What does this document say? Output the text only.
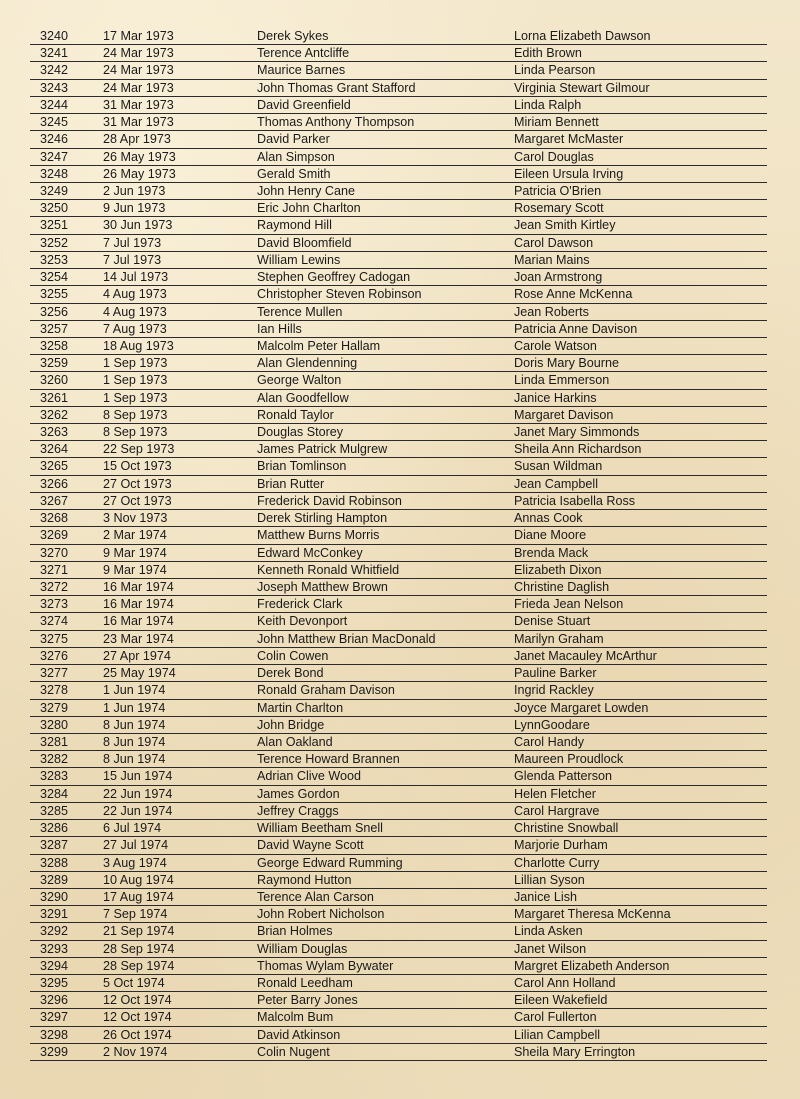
3240	17 Mar 1973	Derek Sykes	Lorna Elizabeth Dawson
3241	24 Mar 1973	Terence Antcliffe	Edith Brown
3242	24 Mar 1973	Maurice Barnes	Linda Pearson
3243	24 Mar 1973	John Thomas Grant Stafford	Virginia Stewart Gilmour
3244	31 Mar 1973	David Greenfield	Linda Ralph
3245	31 Mar 1973	Thomas Anthony Thompson	Miriam Bennett
3246	28 Apr 1973	David Parker	Margaret McMaster
3247	26 May 1973	Alan Simpson	Carol Douglas
3248	26 May 1973	Gerald Smith	Eileen Ursula Irving
3249	2 Jun 1973	John Henry Cane	Patricia O'Brien
3250	9 Jun 1973	Eric John Charlton	Rosemary Scott
3251	30 Jun 1973	Raymond Hill	Jean Smith Kirtley
3252	7 Jul 1973	David Bloomfield	Carol Dawson
3253	7 Jul 1973	William Lewins	Marian Mains
3254	14 Jul 1973	Stephen Geoffrey Cadogan	Joan Armstrong
3255	4 Aug 1973	Christopher Steven Robinson	Rose Anne McKenna
3256	4 Aug 1973	Terence Mullen	Jean Roberts
3257	7 Aug 1973	Ian Hills	Patricia Anne Davison
3258	18 Aug 1973	Malcolm Peter Hallam	Carole Watson
3259	1 Sep 1973	Alan Glendenning	Doris Mary Bourne
3260	1 Sep 1973	George Walton	Linda Emmerson
3261	1 Sep 1973	Alan Goodfellow	Janice Harkins
3262	8 Sep 1973	Ronald Taylor	Margaret Davison
3263	8 Sep 1973	Douglas Storey	Janet Mary Simmonds
3264	22 Sep 1973	James Patrick Mulgrew	Sheila Ann Richardson
3265	15 Oct 1973	Brian Tomlinson	Susan Wildman
3266	27 Oct 1973	Brian Rutter	Jean Campbell
3267	27 Oct 1973	Frederick David Robinson	Patricia Isabella Ross
3268	3 Nov 1973	Derek Stirling Hampton	Annas Cook
3269	2 Mar 1974	Matthew Burns Morris	Diane Moore
3270	9 Mar 1974	Edward McConkey	Brenda Mack
3271	9 Mar 1974	Kenneth Ronald Whitfield	Elizabeth Dixon
3272	16 Mar 1974	Joseph Matthew Brown	Christine Daglish
3273	16 Mar 1974	Frederick Clark	Frieda Jean Nelson
3274	16 Mar 1974	Keith Devonport	Denise Stuart
3275	23 Mar 1974	John Matthew Brian MacDonald	Marilyn Graham
3276	27 Apr 1974	Colin Cowen	Janet Macauley McArthur
3277	25 May 1974	Derek Bond	Pauline Barker
3278	1 Jun 1974	Ronald Graham Davison	Ingrid Rackley
3279	1 Jun 1974	Martin Charlton	Joyce Margaret Lowden
3280	8 Jun 1974	John Bridge	LynnGoodare
3281	8 Jun 1974	Alan Oakland	Carol Handy
3282	8 Jun 1974	Terence Howard Brannen	Maureen Proudlock
3283	15 Jun 1974	Adrian Clive Wood	Glenda Patterson
3284	22 Jun 1974	James Gordon	Helen Fletcher
3285	22 Jun 1974	Jeffrey Craggs	Carol Hargrave
3286	6 Jul 1974	William Beetham Snell	Christine Snowball
3287	27 Jul 1974	David Wayne Scott	Marjorie Durham
3288	3 Aug 1974	George Edward Rumming	Charlotte Curry
3289	10 Aug 1974	Raymond Hutton	Lillian Syson
3290	17 Aug 1974	Terence Alan Carson	Janice Lish
3291	7 Sep 1974	John Robert Nicholson	Margaret Theresa McKenna
3292	21 Sep 1974	Brian Holmes	Linda Asken
3293	28 Sep 1974	William Douglas	Janet Wilson
3294	28 Sep 1974	Thomas Wylam Bywater	Margret Elizabeth Anderson
3295	5 Oct 1974	Ronald Leedham	Carol Ann Holland
3296	12 Oct 1974	Peter Barry Jones	Eileen Wakefield
3297	12 Oct 1974	Malcolm Bum	Carol Fullerton
3298	26 Oct 1974	David Atkinson	Lilian Campbell
3299	2 Nov 1974	Colin Nugent	Sheila Mary Errington
